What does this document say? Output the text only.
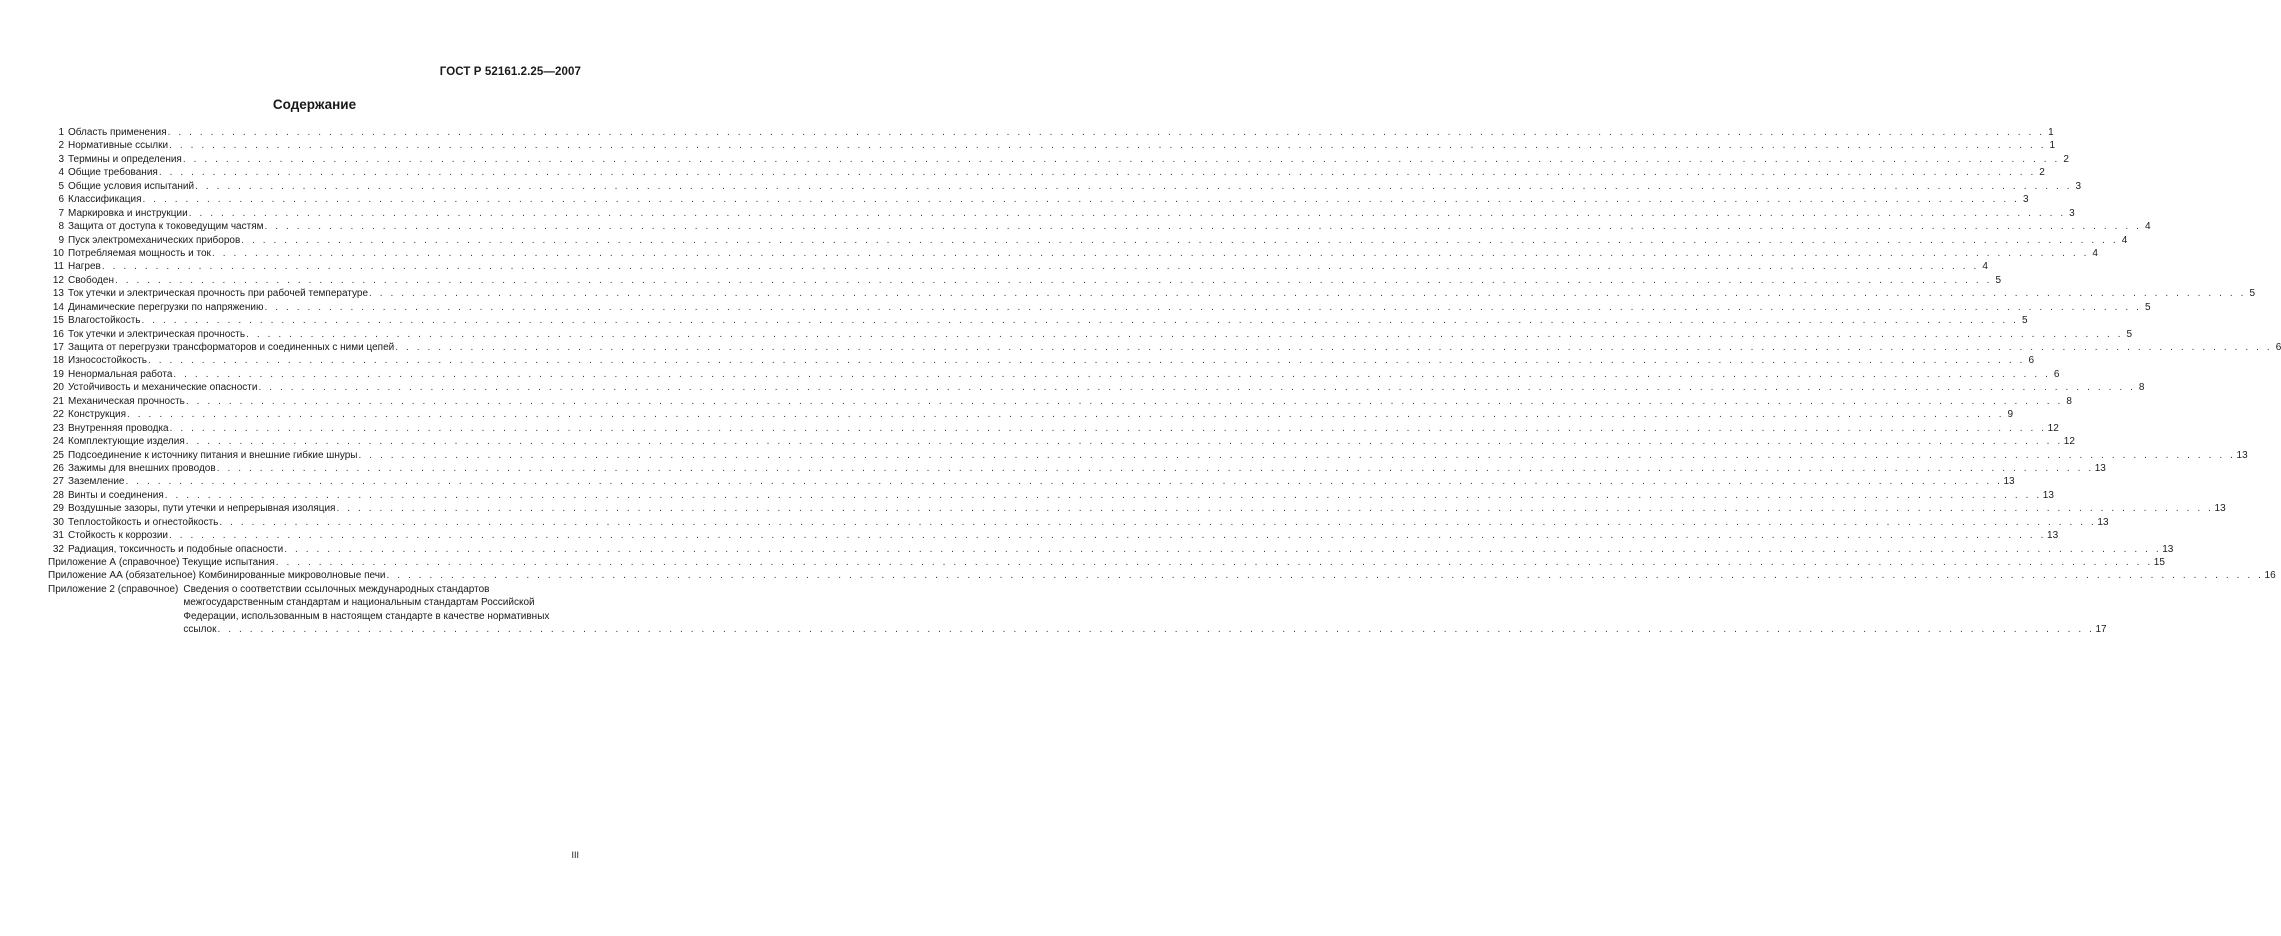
ГОСТ Р 52161.2.25—2007
Содержание
1 Область применения . . .	1
2 Нормативные ссылки . . .	1
3 Термины и определения . . .	2
4 Общие требования . . .	2
5 Общие условия испытаний . . .	3
6 Классификация . . .	3
7 Маркировка и инструкции . . .	3
8 Защита от доступа к токоведущим частям . . .	4
9 Пуск электромеханических приборов . . .	4
10 Потребляемая мощность и ток . . .	4
11 Нагрев . . .	4
12 Свободен . . .	5
13 Ток утечки и электрическая прочность при рабочей температуре . . .	5
14 Динамические перегрузки по напряжению . . .	5
15 Влагостойкость . . .	5
16 Ток утечки и электрическая прочность . . .	5
17 Защита от перегрузки трансформаторов и соединенных с ними цепей . . .	6
18 Износостойкость . . .	6
19 Ненормальная работа . . .	6
20 Устойчивость и механические опасности . . .	8
21 Механическая прочность . . .	8
22 Конструкция . . .	9
23 Внутренняя проводка . . .	12
24 Комплектующие изделия . . .	12
25 Подсоединение к источнику питания и внешние гибкие шнуры . . .	13
26 Зажимы для внешних проводов . . .	13
27 Заземление . . .	13
28 Винты и соединения . . .	13
29 Воздушные зазоры, пути утечки и непрерывная изоляция . . .	13
30 Теплостойкость и огнестойкость . . .	13
31 Стойкость к коррозии . . .	13
32 Радиация, токсичность и подобные опасности . . .	13
Приложение А (справочное) Текущие испытания . . .	15
Приложение АА (обязательное) Комбинированные микроволновые печи . . .	16
Приложение 2 (справочное) Сведения о соответствии ссылочных международных стандартов
межгосударственным стандартам и национальным стандартам Российской
Федерации, использованным в настоящем стандарте в качестве нормативных
ссылок . . .	17
III
